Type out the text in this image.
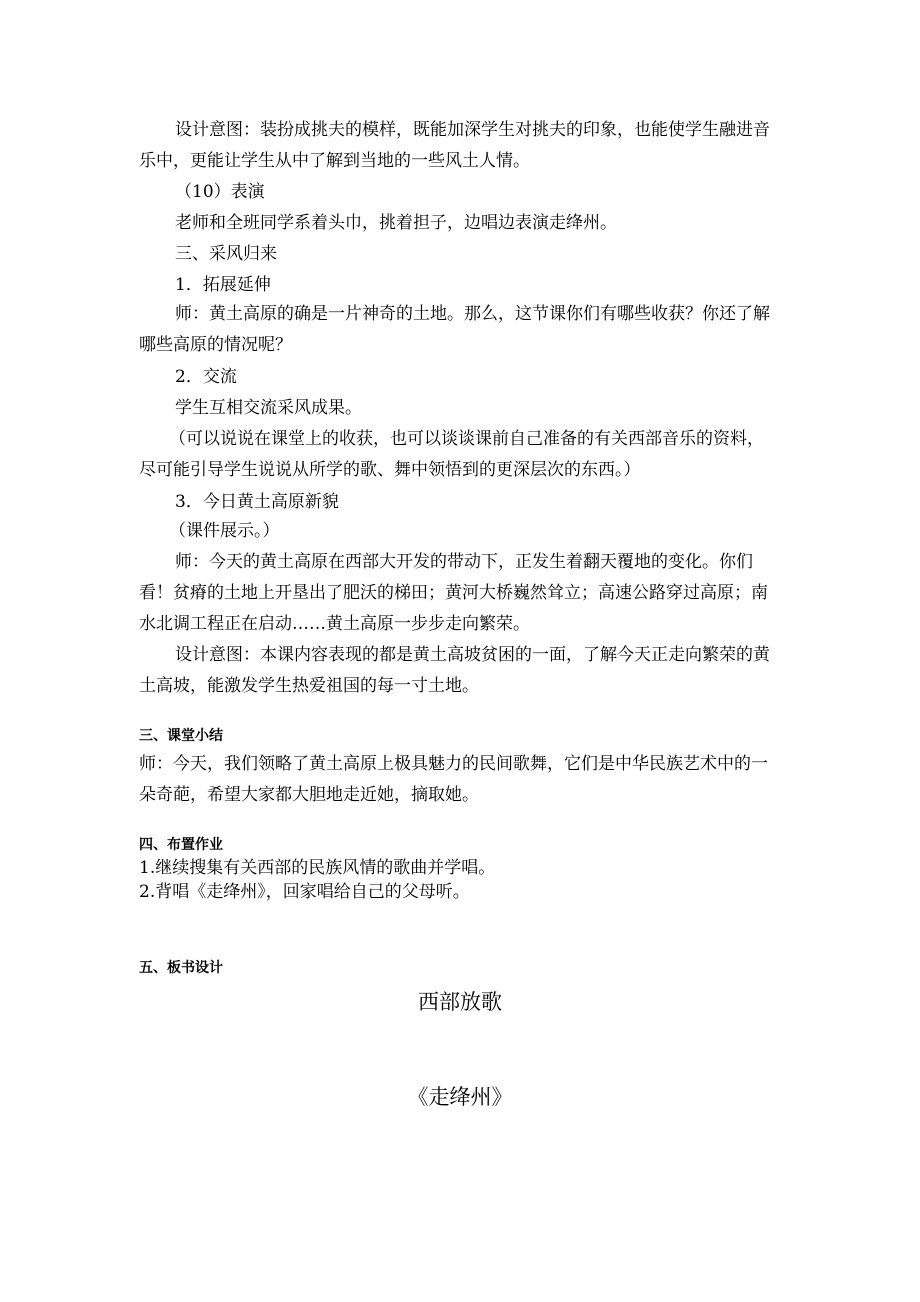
设计意图：装扮成挑夫的模样，既能加深学生对挑夫的印象，也能使学生融进音乐中，更能让学生从中了解到当地的一些风土人情。

（10）表演

老师和全班同学系着头巾，挑着担子，边唱边表演走绛州。

三、采风归来

1．拓展延伸

师：黄土高原的确是一片神奇的土地。那么，这节课你们有哪些收获？你还了解哪些高原的情况呢？

2．交流

学生互相交流采风成果。

（可以说说在课堂上的收获，也可以谈谈课前自己准备的有关西部音乐的资料，尽可能引导学生说说从所学的歌、舞中领悟到的更深层次的东西。）

3．今日黄土高原新貌

（课件展示。）

师：今天的黄土高原在西部大开发的带动下，正发生着翻天覆地的变化。你们看！贫瘠的土地上开垦出了肥沃的梯田；黄河大桥巍然耸立；高速公路穿过高原；南水北调工程正在启动……黄土高原一步步走向繁荣。

设计意图：本课内容表现的都是黄土高坡贫困的一面，了解今天正走向繁荣的黄土高坡，能激发学生热爱祖国的每一寸土地。

三、课堂小结

师：今天，我们领略了黄土高原上极具魅力的民间歌舞，它们是中华民族艺术中的一朵奇葩，希望大家都大胆地走近她，摘取她。

四、布置作业

1.继续搜集有关西部的民族风情的歌曲并学唱。

2.背唱《走绛州》，回家唱给自己的父母听。

五、板书设计

西部放歌

《走绛州》
